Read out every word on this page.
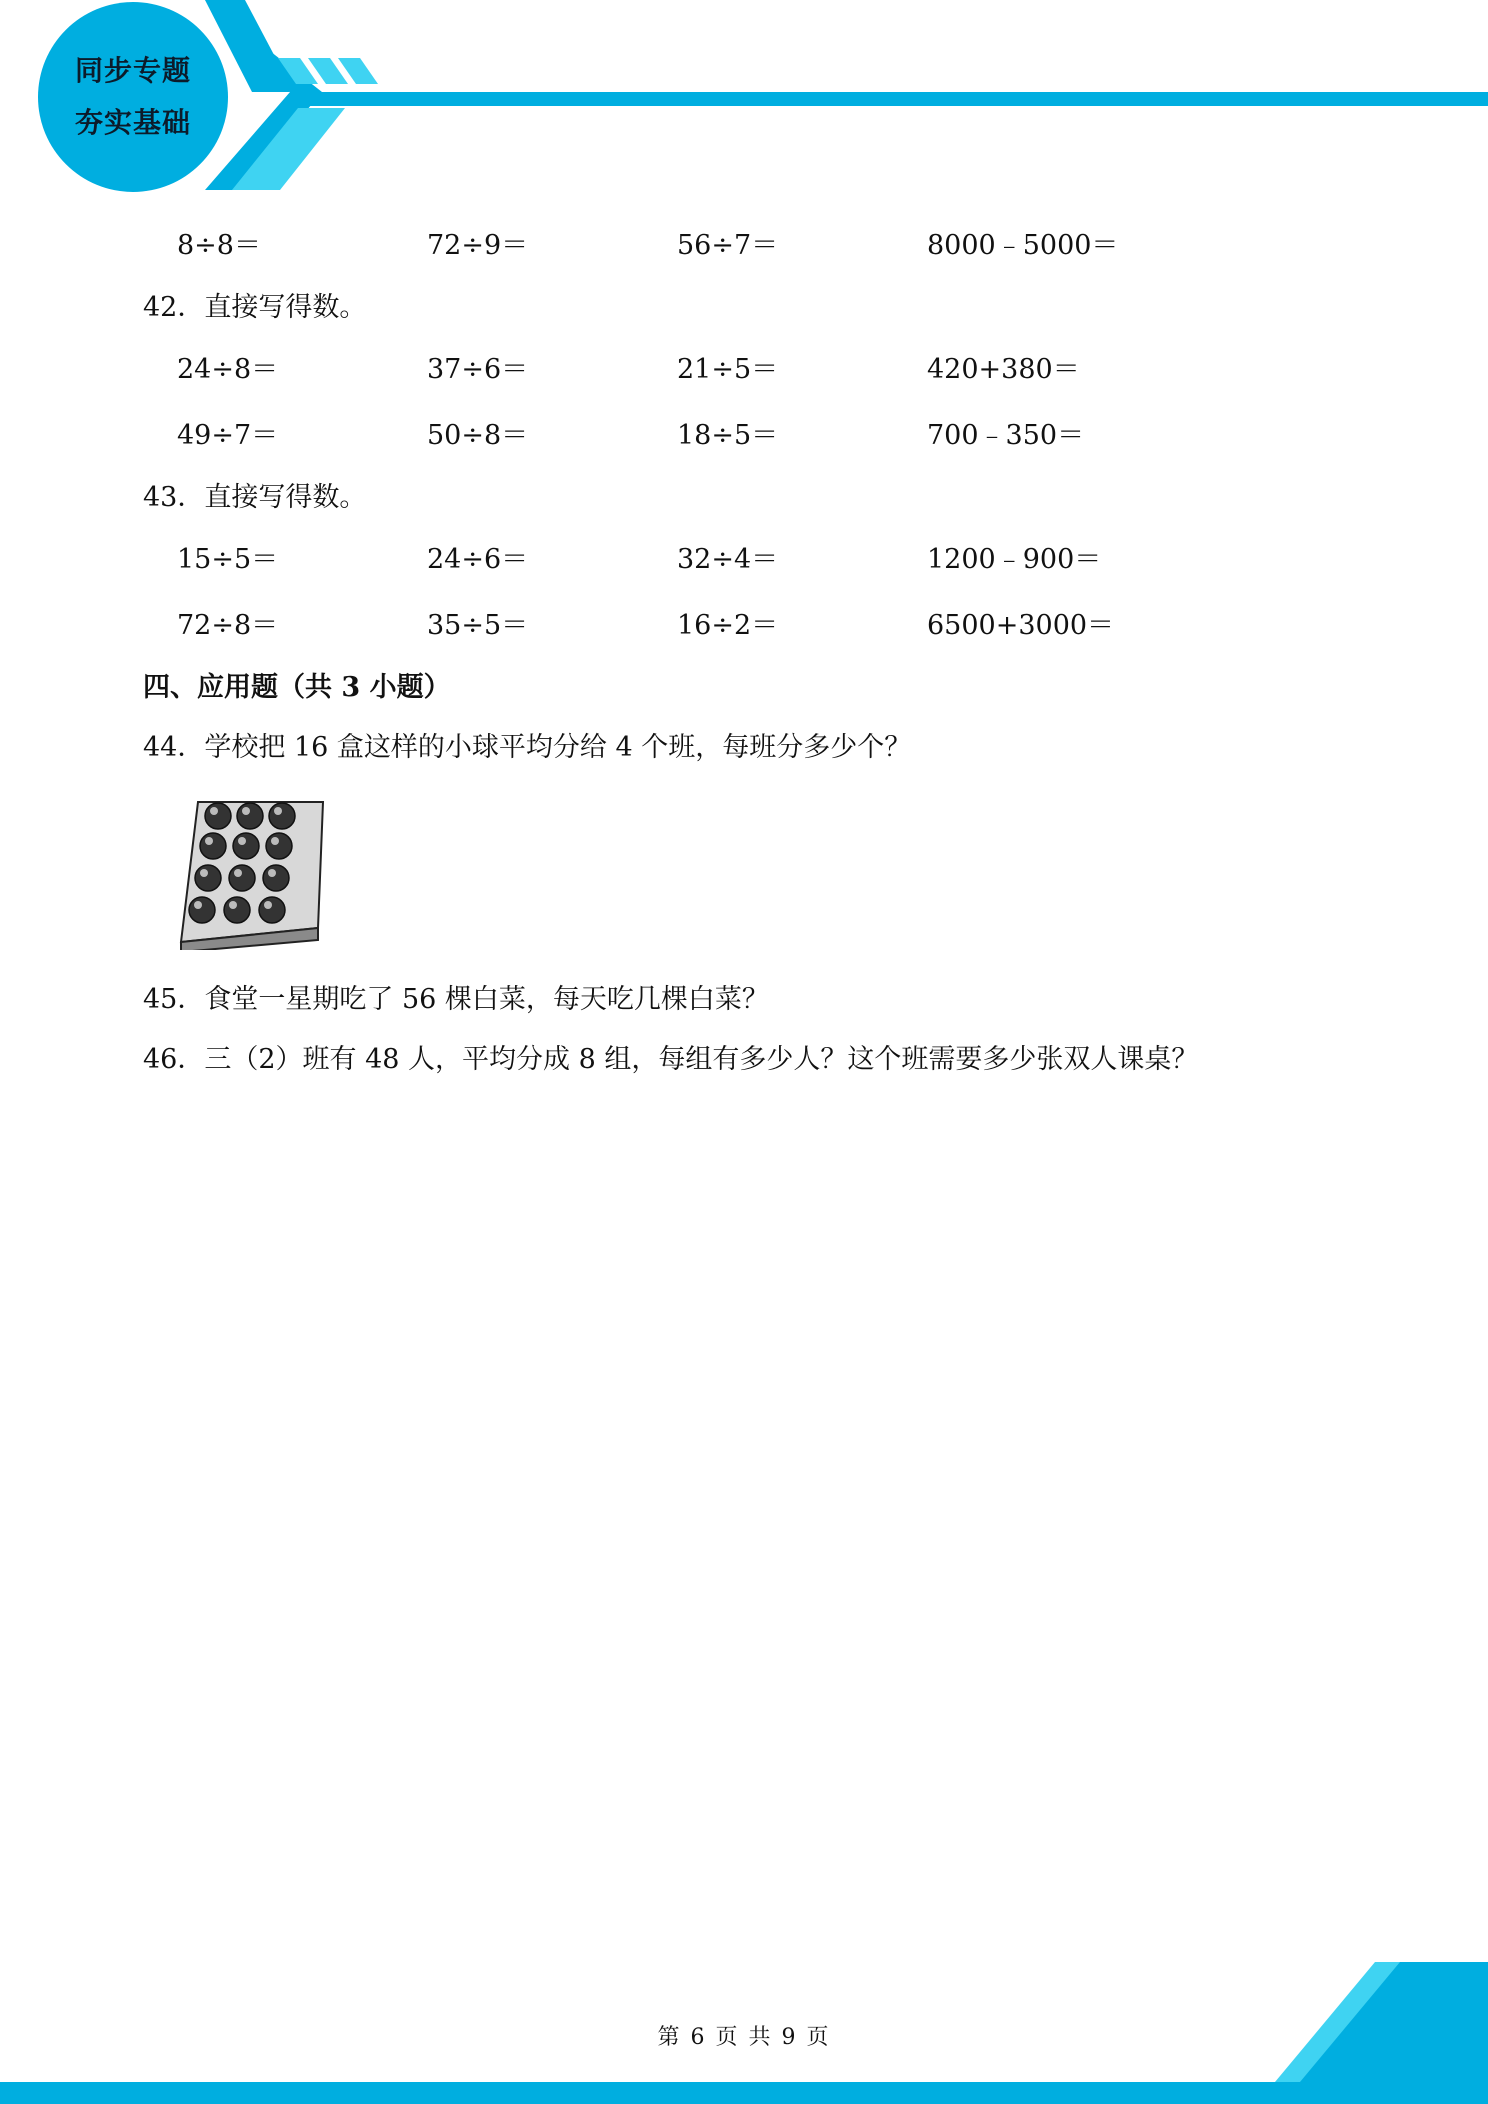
同步专题
夯实基础
8÷8＝	72÷9＝	56÷7＝	8000﹣5000＝
42．直接写得数。
24÷8＝	37÷6＝	21÷5＝	420+380＝
49÷7＝	50÷8＝	18÷5＝	700﹣350＝
43．直接写得数。
15÷5＝	24÷6＝	32÷4＝	1200﹣900＝
72÷8＝	35÷5＝	16÷2＝	6500+3000＝
四、应用题（共 3 小题）
44．学校把 16 盒这样的小球平均分给 4 个班，每班分多少个？
45．食堂一星期吃了 56 棵白菜，每天吃几棵白菜？
46．三（2）班有 48 人，平均分成 8 组，每组有多少人？这个班需要多少张双人课桌？
第 6 页 共 9 页
